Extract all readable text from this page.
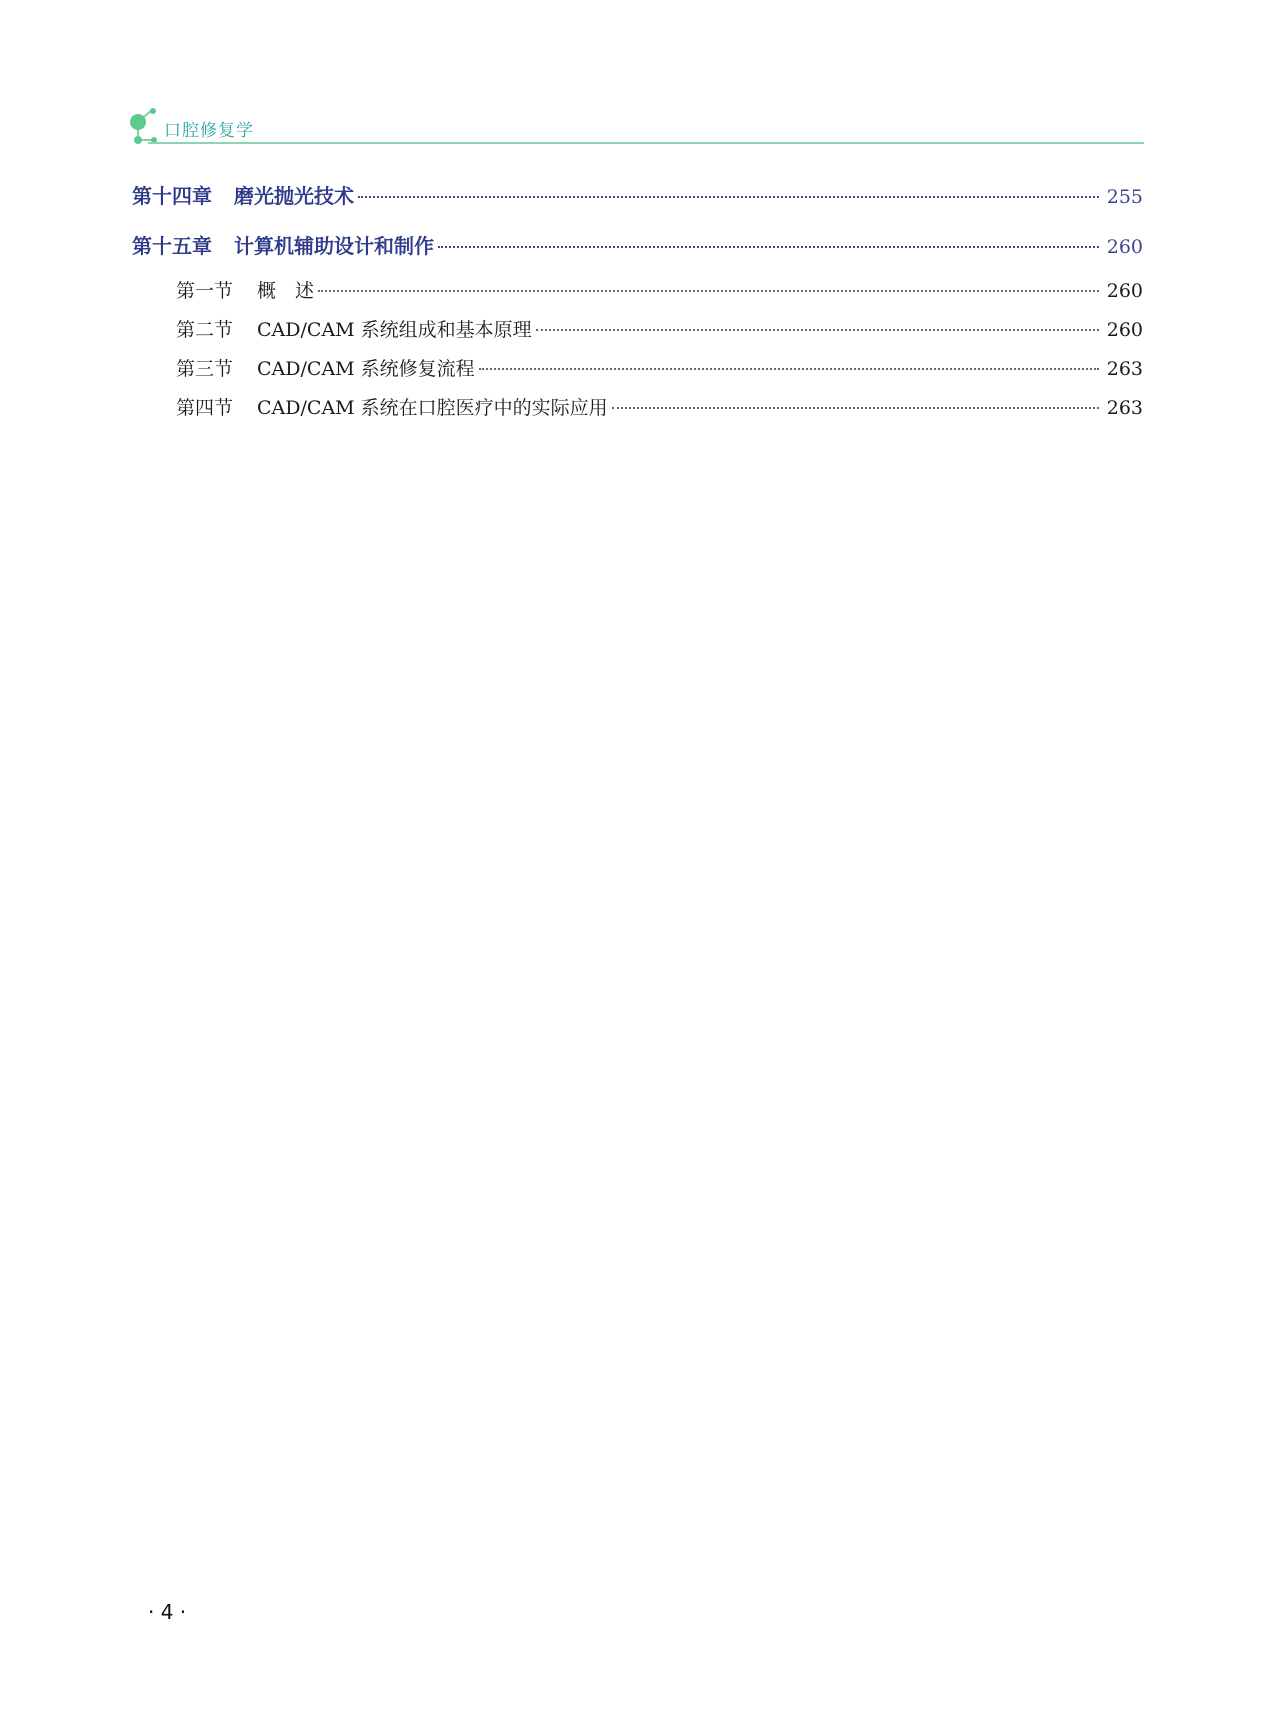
口腔修复学
第十四章 磨光抛光技术	255
第十五章 计算机辅助设计和制作	260
第一节 概　述	260
第二节 CAD/CAM 系统组成和基本原理	260
第三节 CAD/CAM 系统修复流程	263
第四节 CAD/CAM 系统在口腔医疗中的实际应用	263
· 4 ·
